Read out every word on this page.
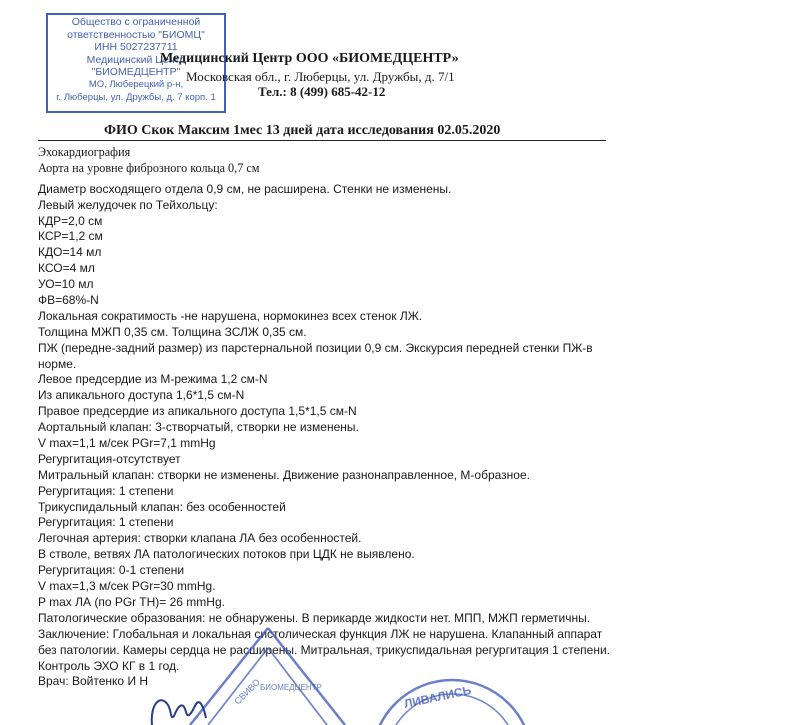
Общество с ограниченной
ответственностью "БИОМЦ"
ИНН 5027237711
Медицинский Центр
"БИОМЕДЦЕНТР"
МО, Люберецкий р-н,
г. Люберцы, ул. Дружбы, д. 7 корп. 1
Медицинский Центр ООО «БИОМЕДЦЕНТР»
Московская обл., г. Люберцы, ул. Дружбы, д. 7/1
Тел.: 8 (499) 685-42-12
ФИО Скок Максим 1мес 13 дней дата исследования 02.05.2020
Эхокардиография
Аорта на уровне фиброзного кольца 0,7 см
Диаметр восходящего отдела 0,9 см, не расширена. Стенки не изменены.
Левый желудочек по Тейхольцу:
КДР=2,0 см
КСР=1,2 см
КДО=14 мл
КСО=4 мл
УО=10 мл
ФВ=68%-N
Локальная сократимость -не нарушена, нормокинез всех стенок ЛЖ.
Толщина МЖП 0,35 см. Толщина ЗСЛЖ 0,35 см.
ПЖ (передне-задний размер) из парстернальной позиции 0,9 см. Экскурсия передней стенки ПЖ-в
норме.
Левое предсердие из М-режима 1,2 см-N
Из апикального доступа 1,6*1,5 см-N
Правое предсердие из апикального доступа 1,5*1,5 см-N
Аортальный клапан: 3-створчатый, створки не изменены.
V max=1,1 м/сек PGr=7,1 mmHg
Регургитация-отсутствует
Митральный клапан: створки не изменены. Движение разнонаправленное, М-образное.
Регургитация: 1 степени
Трикуспидальный клапан: без особенностей
Регургитация: 1 степени
Легочная артерия: створки клапана ЛА без особенностей.
В стволе, ветвях ЛА патологических потоков при ЦДК не выявлено.
Регургитация: 0-1 степени
V max=1,3 м/сек PGr=30 mmHg.
P max ЛА (по PGr TH)= 26 mmHg.
Патологические образования: не обнаружены. В перикарде жидкости нет. МПП, МЖП герметичны.
Заключение: Глобальная и локальная систолическая функция ЛЖ не нарушена. Клапанный аппарат
без патологии. Камеры сердца не расширены. Митральная, трикуспидальная регургитация 1 степени.
Контроль ЭХО КГ в 1 год.
Врач: Войтенко И Н	СВИВО
БИОМЕДЦЕНТР	ЛИВАЛИСЬ
